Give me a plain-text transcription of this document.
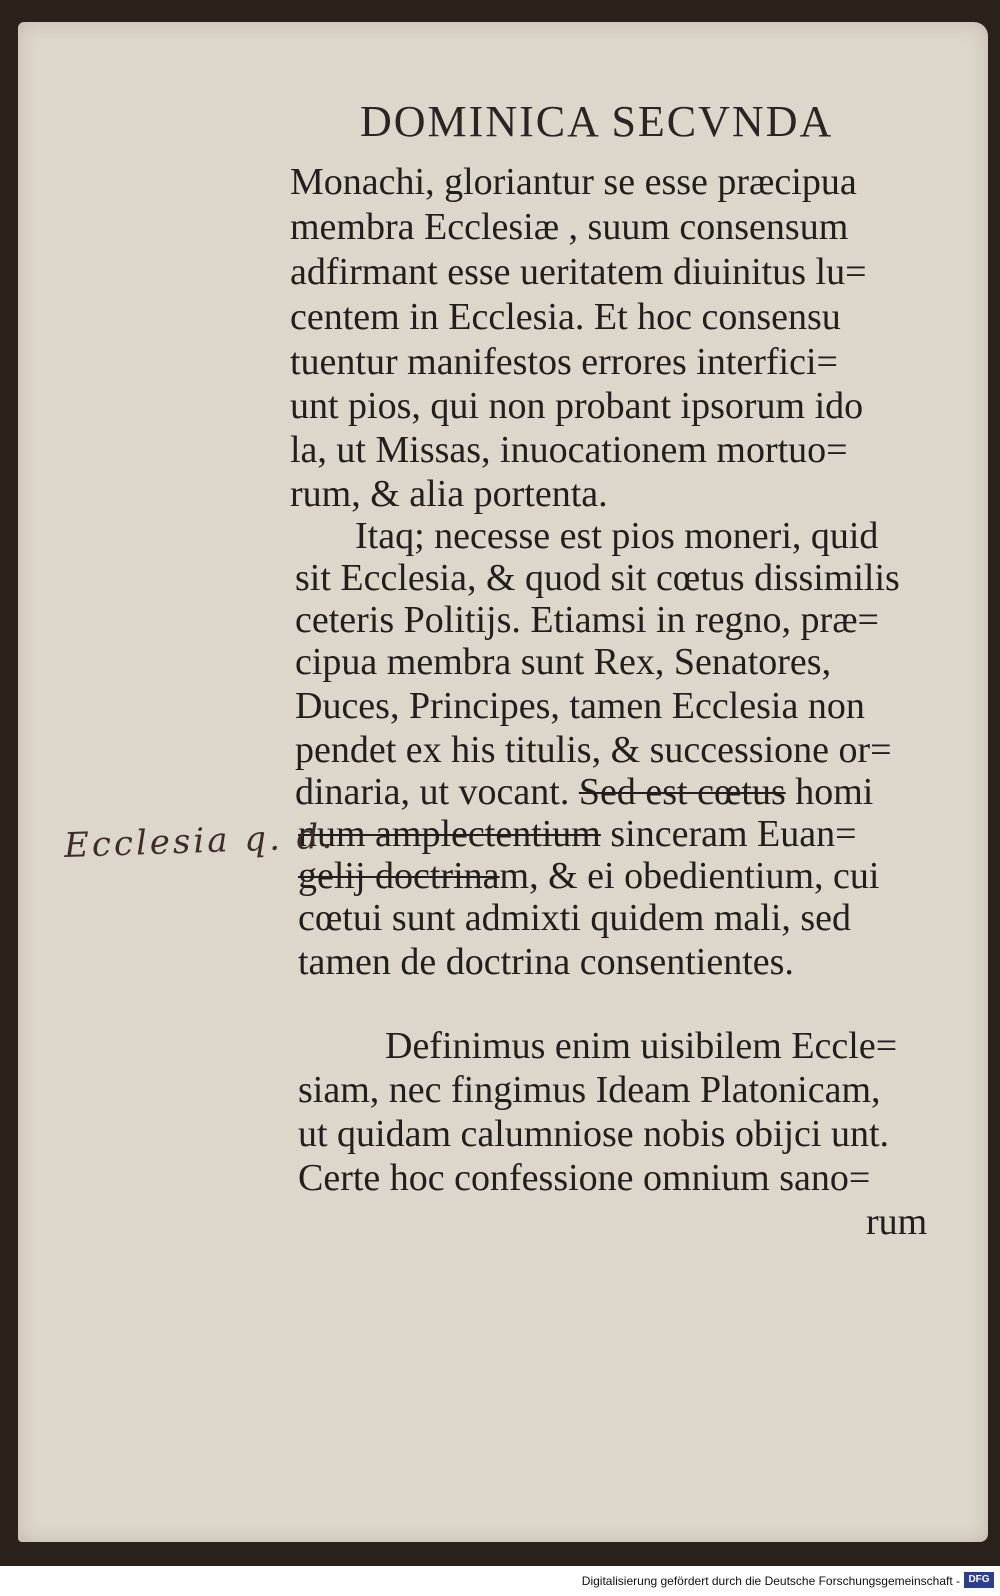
DOMINICA SECVNDA
Monachi, gloriantur se esse præcipua
membra Ecclesiæ , suum consensum
adfirmant esse ueritatem diuinitus lu=
centem in Ecclesia. Et hoc consensu
tuentur manifestos errores interfici=
unt pios, qui non probant ipsorum ido
la, ut Missas, inuocationem mortuo=
rum, & alia portenta.
Itaq; necesse est pios moneri, quid
sit Ecclesia, & quod sit cœtus dissimilis
ceteris Politijs. Etiamsi in regno, præ=
cipua membra sunt Rex, Senatores,
Duces, Principes, tamen Ecclesia non
pendet ex his titulis, & successione or=
dinaria, ut vocant. Sed est cœtus homi
num amplectentium sinceram Euan=
gelij doctrinam, & ei obedientium, cui
cœtui sunt admixti quidem mali, sed
tamen de doctrina consentientes.
Definimus enim uisibilem Eccle=
siam, nec fingimus Ideam Platonicam,
ut quidam calumniose nobis obijci unt.
Certe hoc confessione omnium sano=
rum
Ecclesia q. d.
Digitalisierung gefördert durch die Deutsche Forschungsgemeinschaft - DFG
